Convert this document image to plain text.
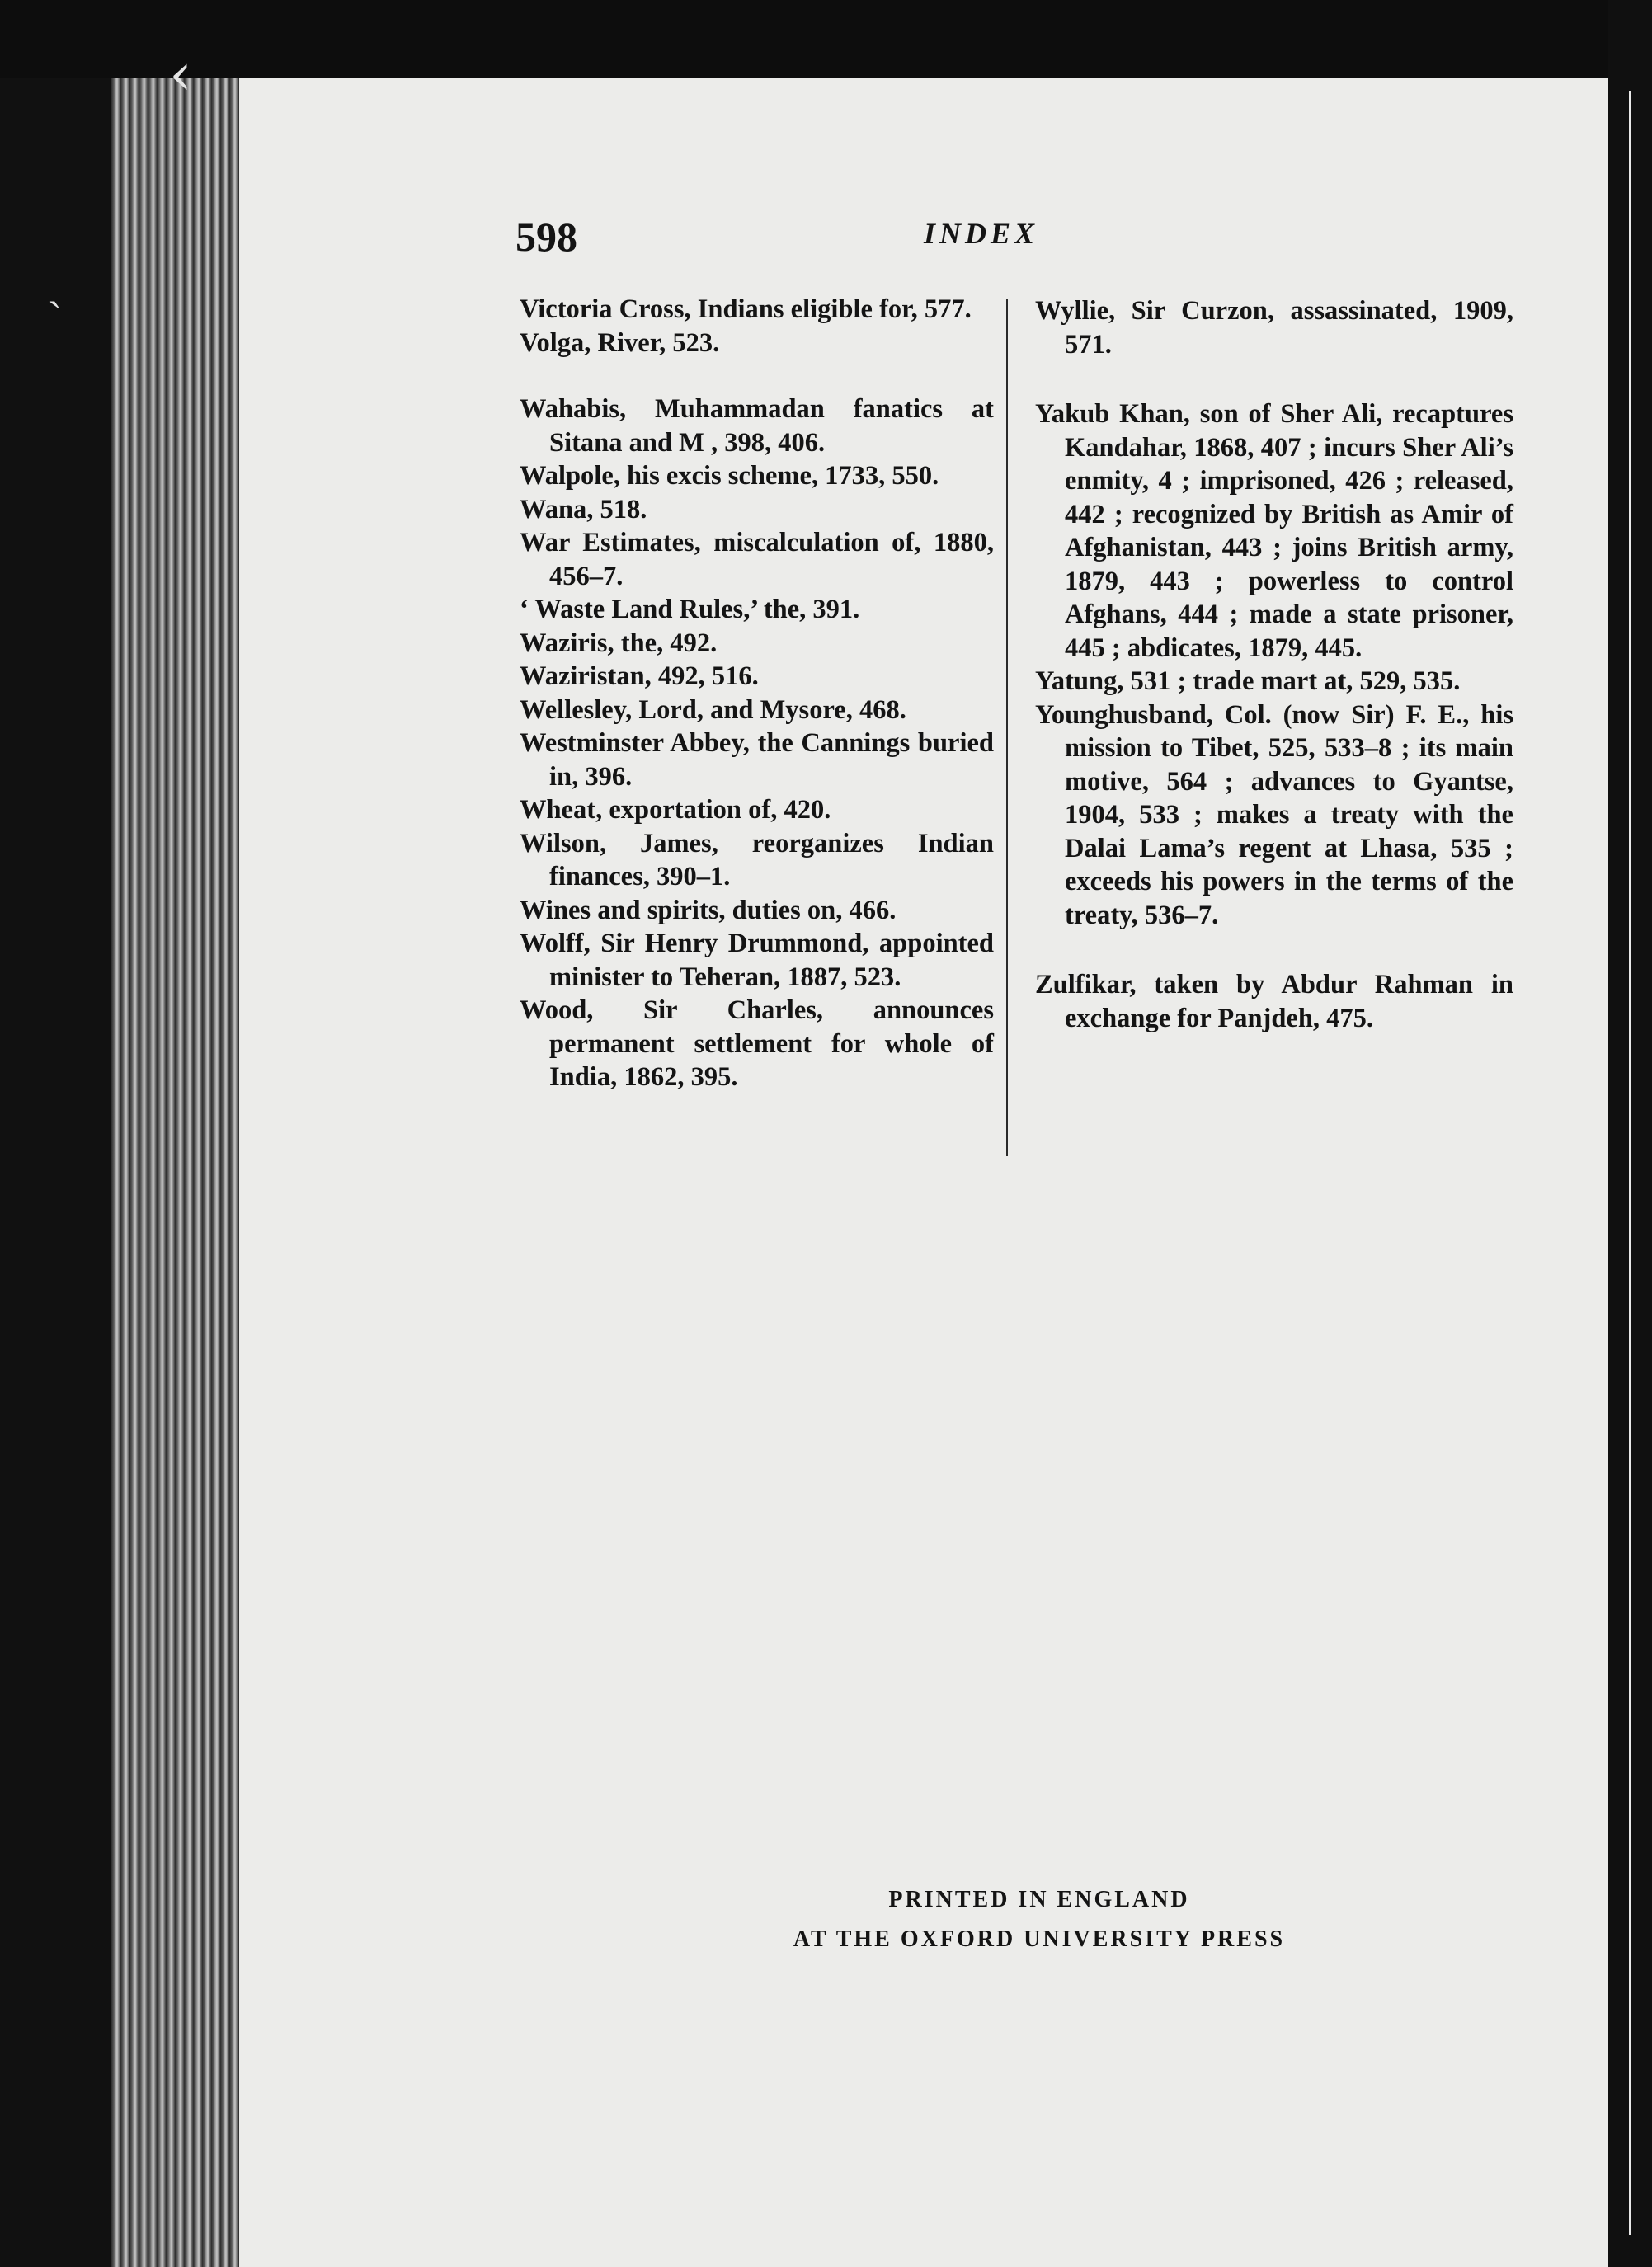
‹
ˎ
598	INDEX

Victoria Cross, Indians eligible for, 577.

Volga, River, 523.

Wahabis, Muhammadan fanatics at Sitana and M , 398, 406.

Walpole, his excis scheme, 1733, 550.

Wana, 518.

War Estimates, miscalculation of, 1880, 456–7.

‘ Waste Land Rules,’ the, 391.

Waziris, the, 492.

Waziristan, 492, 516.

Wellesley, Lord, and Mysore, 468.

Westminster Abbey, the Cannings buried in, 396.

Wheat, exportation of, 420.

Wilson, James, reorganizes Indian finances, 390–1.

Wines and spirits, duties on, 466.

Wolff, Sir Henry Drummond, appointed minister to Teheran, 1887, 523.

Wood, Sir Charles, announces permanent settlement for whole of India, 1862, 395.

Wyllie, Sir Curzon, assassinated, 1909, 571.

Yakub Khan, son of Sher Ali, recaptures Kandahar, 1868, 407 ; incurs Sher Ali’s enmity, 4 ; imprisoned, 426 ; released, 442 ; recognized by British as Amir of Afghanistan, 443 ; joins British army, 1879, 443 ; powerless to control Afghans, 444 ; made a state prisoner, 445 ; abdicates, 1879, 445.

Yatung, 531 ; trade mart at, 529, 535.

Younghusband, Col. (now Sir) F. E., his mission to Tibet, 525, 533–8 ; its main motive, 564 ; advances to Gyantse, 1904, 533 ; makes a treaty with the Dalai Lama’s regent at Lhasa, 535 ; exceeds his powers in the terms of the treaty, 536–7.

Zulfikar, taken by Abdur Rahman in exchange for Panjdeh, 475.

PRINTED IN ENGLAND
AT THE OXFORD UNIVERSITY PRESS
